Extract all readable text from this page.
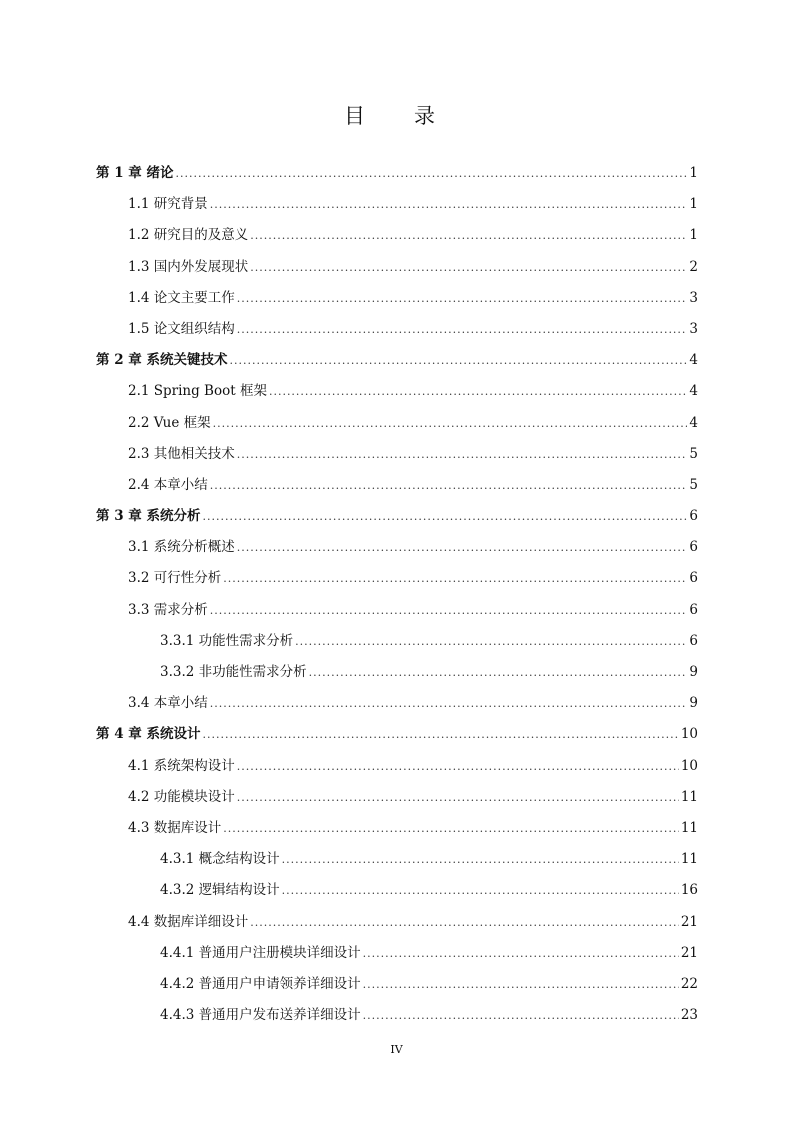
目　录
第 1 章 绪论 .....	1
1.1 研究背景 .....	1
1.2 研究目的及意义 .....	1
1.3 国内外发展现状 .....	2
1.4 论文主要工作 .....	3
1.5 论文组织结构 .....	3
第 2 章 系统关键技术 .....	4
2.1 Spring Boot 框架 .....	4
2.2 Vue 框架 .....	4
2.3 其他相关技术 .....	5
2.4 本章小结 .....	5
第 3 章 系统分析 .....	6
3.1 系统分析概述 .....	6
3.2 可行性分析 .....	6
3.3 需求分析 .....	6
3.3.1 功能性需求分析 .....	6
3.3.2 非功能性需求分析 .....	9
3.4 本章小结 .....	9
第 4 章 系统设计 .....	10
4.1 系统架构设计 .....	10
4.2 功能模块设计 .....	11
4.3 数据库设计 .....	11
4.3.1 概念结构设计 .....	11
4.3.2 逻辑结构设计 .....	16
4.4 数据库详细设计 .....	21
4.4.1 普通用户注册模块详细设计 .....	21
4.4.2 普通用户申请领养详细设计 .....	22
4.4.3 普通用户发布送养详细设计 .....	23
IV
